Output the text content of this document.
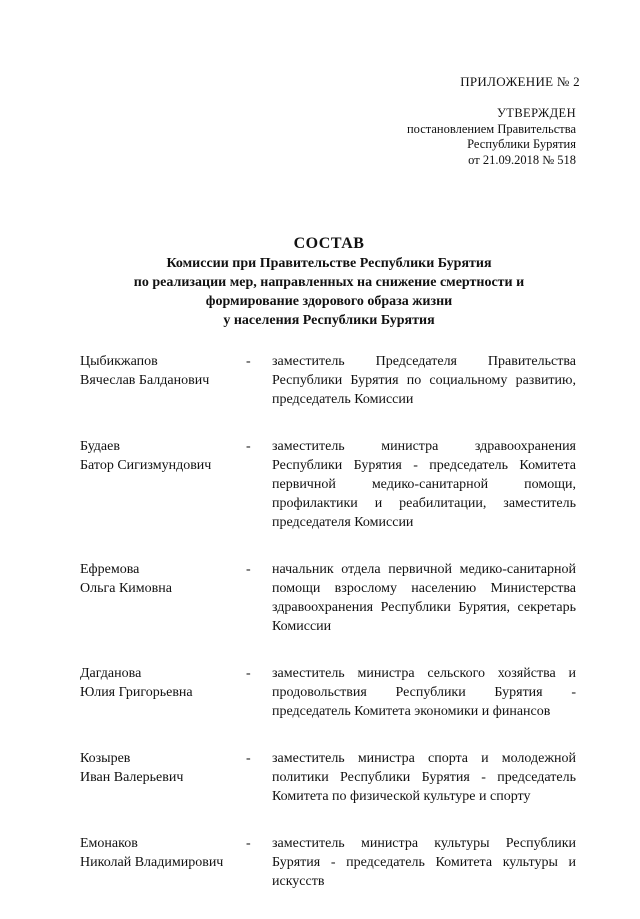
ПРИЛОЖЕНИЕ № 2
УТВЕРЖДЕН
постановлением Правительства
Республики Бурятия
от 21.09.2018 № 518
СОСТАВ
Комиссии при Правительстве Республики Бурятия
по реализации мер, направленных на снижение смертности и
формирование здорового образа жизни
у населения Республики Бурятия
Цыбикжапов
Вячеслав Балданович
-	заместитель Председателя Правительства Республики Бурятия по социальному развитию, председатель Комиссии
Будаев
Батор Сигизмундович
-	заместитель министра здравоохранения Республики Бурятия - председатель Комитета первичной медико-санитарной помощи, профилактики и реабилитации, заместитель председателя Комиссии
Ефремова
Ольга Кимовна
-	начальник отдела первичной медико-санитарной помощи взрослому населению Министерства здравоохранения Республики Бурятия, секретарь Комиссии
Дагданова
Юлия Григорьевна
-	заместитель министра сельского хозяйства и продовольствия Республики Бурятия - председатель Комитета экономики и финансов
Козырев
Иван Валерьевич
-	заместитель министра спорта и молодежной политики Республики Бурятия - председатель Комитета по физической культуре и спорту
Емонаков
Николай Владимирович
-	заместитель министра культуры Республики Бурятия - председатель Комитета культуры и искусств
